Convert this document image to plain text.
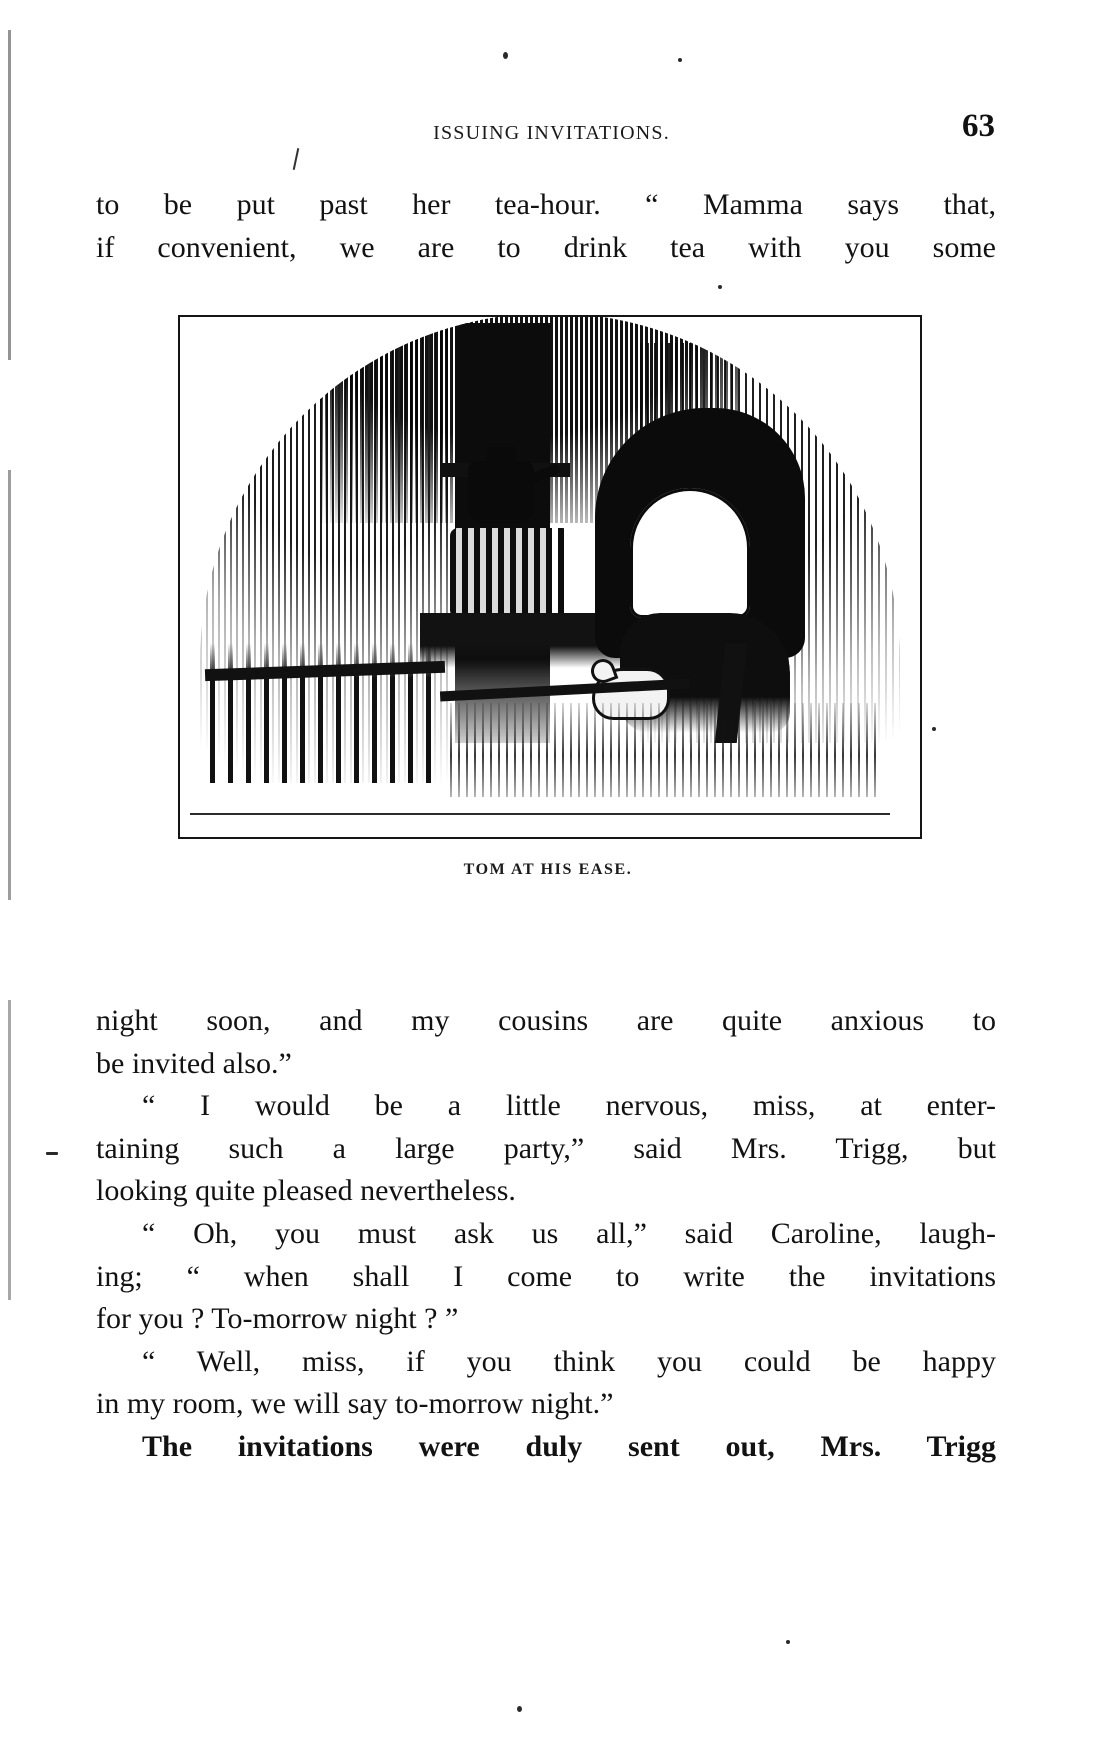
ISSUING INVITATIONS.	63
to be put past her tea-hour. “ Mamma says that,
if convenient, we are to drink tea with you some
TOM AT HIS EASE.

night soon, and my cousins are quite anxious to
be invited also.”

“ I would be a little nervous, miss, at enter-
taining such a large party,” said Mrs. Trigg, but
looking quite pleased nevertheless.

“ Oh, you must ask us all,” said Caroline, laugh-
ing; “ when shall I come to write the invitations
for you ? To-morrow night ? ”

“ Well, miss, if you think you could be happy
in my room, we will say to-morrow night.”

The invitations were duly sent out, Mrs. Trigg
